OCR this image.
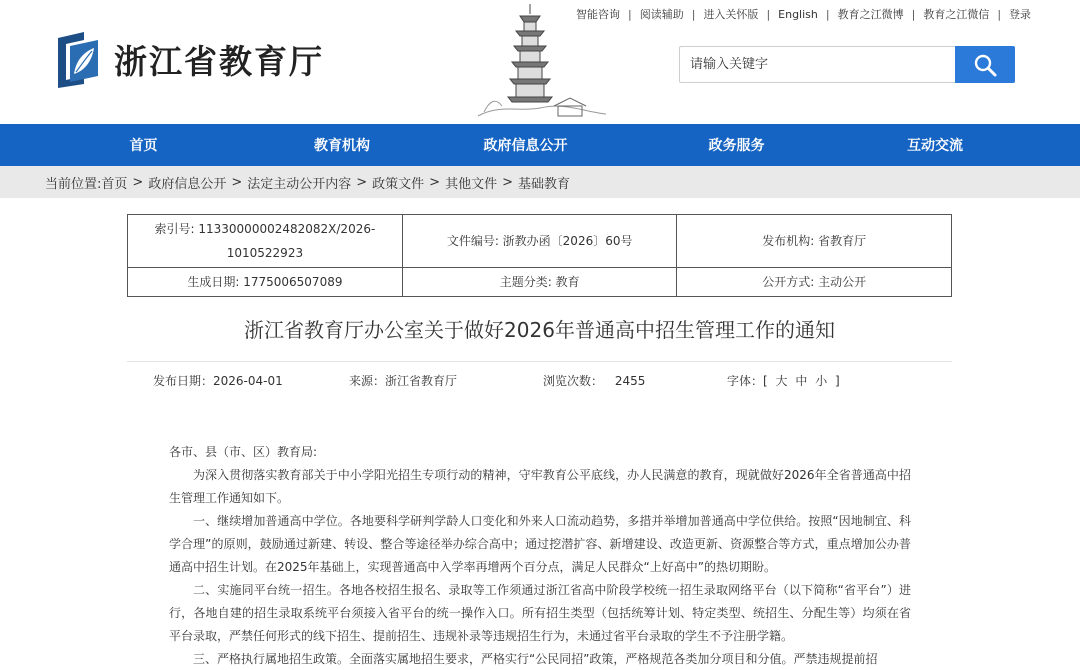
浙江省教育厅
智能咨询 | 阅读辅助 | 进入关怀版 | English | 教育之江微博 | 教育之江微信 | 登录
请输入关键字
首页	教育机构	政府信息公开	政务服务	互动交流
当前位置: 首页 > 政府信息公开 > 法定主动公开内容 > 政策文件 > 其他文件 > 基础教育
索引号: 11330000002482082X/2026-1010522923	文件编号: 浙教办函〔2026〕60号	发布机构: 省教育厅
生成日期: 1775006507089	主题分类: 教育	公开方式: 主动公开
浙江省教育厅办公室关于做好2026年普通高中招生管理工作的通知
发布日期：2026-04-01	来源：浙江省教育厅	浏览次数： 2455	字体：[ 大 中 小 ]

各市、县（市、区）教育局:

为深入贯彻落实教育部关于中小学阳光招生专项行动的精神，守牢教育公平底线，办人民满意的教育，现就做好2026年全省普通高中招生管理工作通知如下。

一、继续增加普通高中学位。各地要科学研判学龄人口变化和外来人口流动趋势，多措并举增加普通高中学位供给。按照“因地制宜、科学合理”的原则，鼓励通过新建、转设、整合等途径举办综合高中；通过挖潜扩容、新增建设、改造更新、资源整合等方式，重点增加公办普通高中招生计划。在2025年基础上，实现普通高中入学率再增两个百分点，满足人民群众“上好高中”的热切期盼。

二、实施同平台统一招生。各地各校招生报名、录取等工作须通过浙江省高中阶段学校统一招生录取网络平台（以下简称“省平台”）进行，各地自建的招生录取系统平台须接入省平台的统一操作入口。所有招生类型（包括统筹计划、特定类型、统招生、分配生等）均须在省平台录取，严禁任何形式的线下招生、提前招生、违规补录等违规招生行为，未通过省平台录取的学生不予注册学籍。

三、严格执行属地招生政策。全面落实属地招生要求，严格实行“公民同招”政策，严格规范各类加分项目和分值。严禁违规提前招
